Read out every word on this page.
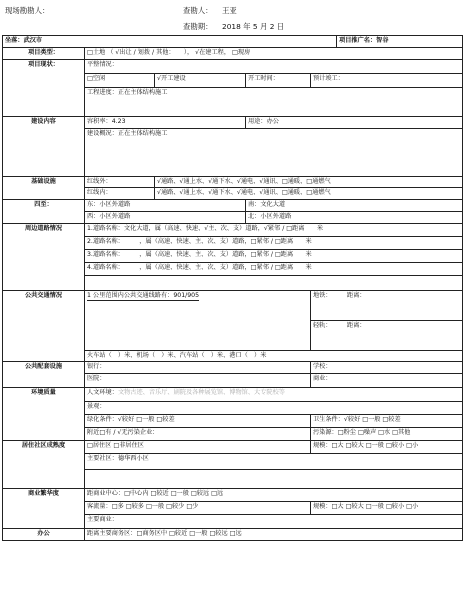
现场勘勘人：	查勘人： 王亚
查勘期： 2018 年 5 月 2 日
坐落：武汉市					项目推广名：智谷
项目类型：	□土地 （ √出让 / 划拨 / 其他：　　）， √在建工程， □现房				
项目现状：	平整情况：				
	□空闲	√开工建设	开工时间：	预计竣工：	
	工程进度：正在主体结构施工				
建设内容	容积率：4.23		用途：办公		
	建设概况：正在主体结构施工				
基础设施	红线外：	√通路、√通上水、√通下水、√通电、√通讯、□通暖、□通燃气			
	红线内：	√通路、√通上水、√通下水、√通电、√通讯、□通暖、□通燃气			
四至：	东：小区外道路		南：文化大道		
	西：小区外道路		北：小区外道路		
周边道路情况	1.道路名称：文化大道，属（高速、快速、√主、次、支）道路，√紧邻 / □距离　　 米				
	2.道路名称：　　　，属（高速、快速、主、次、支）道路，□紧邻 / □距离　　 米				
	3.道路名称：　　　，属（高速、快速、主、次、支）道路，□紧邻 / □距离　　 米				
	4.道路名称：　　　，属（高速、快速、主、次、支）道路，□紧邻 / □距离　　 米				

公共交通情况	1 公里范围内公共交通线路有：901/905			地铁：　　　 距离：	
				轻轨：　　　 距离：	
	火车站（　）米、机场（　）米、汽车站（　）米、港口（　）米				
公共配套设施	银行：			学校：	
	医院：			商业：	
环境质量	人文环境：文物古迹、音乐厅、剧院及各种展览馆、博物馆、大专院校等				
	景观：				
	绿化条件：√较好 □一般 □较差			卫生条件：√较好 □一般 □较差	
	附近□有 / √无污染企业：			污染源：□粉尘 □噪声 □水 □其他	
居住社区成熟度	□居住区 □非居住区			规模：□大 □较大 □一般 □较小 □小	
	主要社区：德华西小区				

商业繁华度	距商业中心：□中心内 □较近 □一般 □较远 □远				
	客流量：□多 □较多 □一般 □较少 □少			规模：□大 □较大 □一般 □较小 □小	
	主要商业：				
办公	距离主要商务区：□商务区中 □较近 □一般 □较远 □远				
